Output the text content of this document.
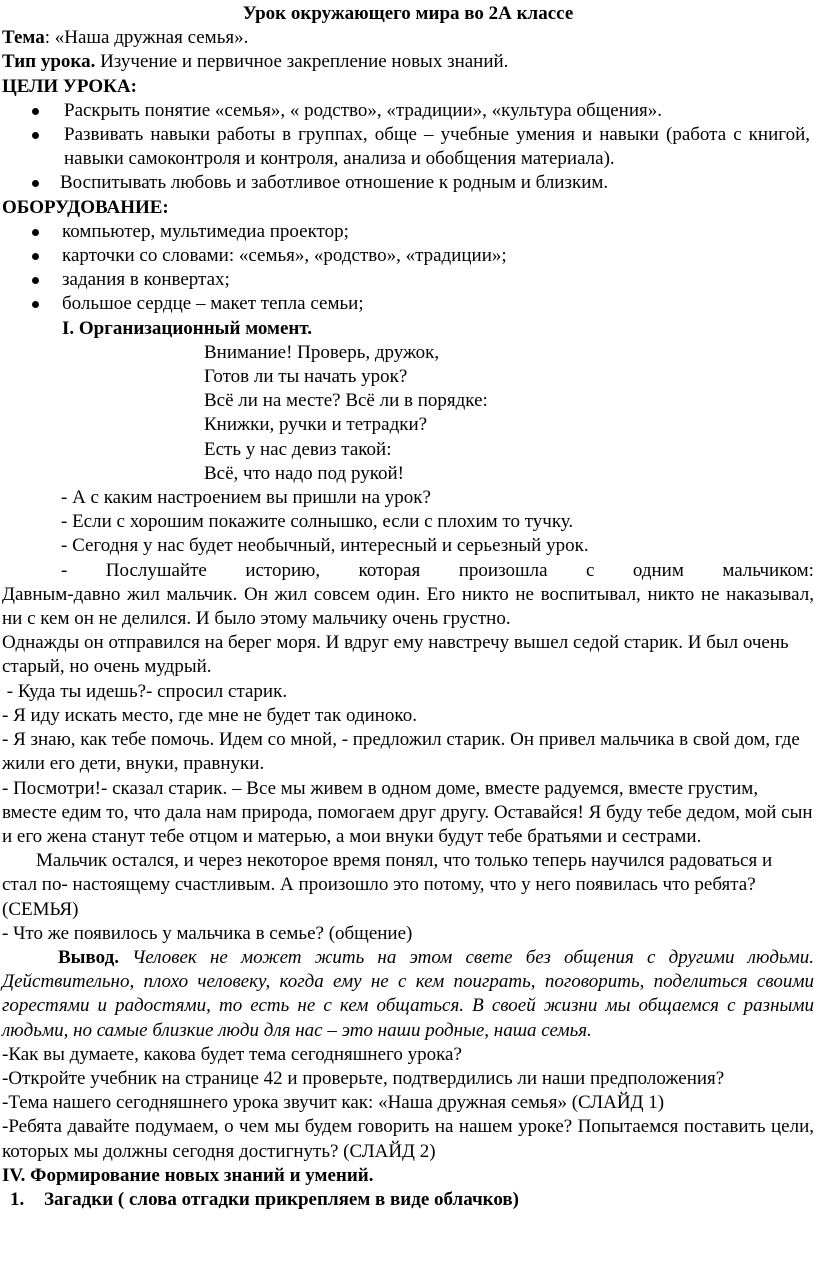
Урок окружающего мира во 2А классе

Тема: «Наша дружная семья».

Тип урока. Изучение и первичное закрепление новых знаний.

ЦЕЛИ УРОКА:

Раскрыть понятие «семья», « родство», «традиции», «культура общения».
Развивать навыки работы в группах, обще – учебные умения и навыки (работа с книгой, навыки самоконтроля и контроля, анализа и обобщения материала).
Воспитывать любовь и заботливое отношение к родным и близким.

ОБОРУДОВАНИЕ:

компьютер, мультимедиа проектор;
карточки со словами: «семья», «родство», «традиции»;
задания в конвертах;
большое сердце – макет тепла семьи;

I. Организационный момент.

Внимание! Проверь, дружок,

Готов ли ты начать урок?

Всё ли на месте? Всё ли в порядке:

Книжки, ручки и тетрадки?

Есть у нас девиз такой:

Всё, что надо под рукой!

- А с каким настроением вы пришли на урок?

- Если с хорошим покажите солнышко, если с плохим то тучку.

- Сегодня у нас будет необычный, интересный и серьезный урок.

- Послушайте историю, которая произошла с одним мальчиком:

Давным-давно жил мальчик. Он жил совсем один. Его никто не воспитывал, никто не наказывал, ни с кем он не делился. И было этому мальчику очень грустно.

Однажды он отправился на берег моря. И вдруг ему навстречу вышел седой старик. И был очень старый, но очень мудрый.

- Куда ты идешь?- спросил старик.

- Я иду искать место, где мне не будет так одиноко.

- Я знаю, как тебе помочь. Идем со мной, - предложил старик. Он привел мальчика в свой дом, где жили его дети, внуки, правнуки.

- Посмотри!- сказал старик. – Все мы живем в одном доме, вместе радуемся, вместе грустим, вместе едим то, что дала нам природа, помогаем друг другу. Оставайся! Я буду тебе дедом, мой сын и его жена станут тебе отцом и матерью, а мои внуки будут тебе братьями и сестрами.

Мальчик остался, и через некоторое время понял, что только теперь научился радоваться и стал по- настоящему счастливым. А произошло это потому, что у него появилась что ребята? (СЕМЬЯ)

- Что же появилось у мальчика в семье? (общение)

Вывод. Человек не может жить на этом свете без общения с другими людьми. Действительно, плохо человеку, когда ему не с кем поиграть, поговорить, поделиться своими горестями и радостями, то есть не с кем общаться. В своей жизни мы общаемся с разными людьми, но самые близкие люди для нас – это наши родные, наша семья.

-Как вы думаете, какова будет тема сегодняшнего урока?

-Откройте учебник на странице 42 и проверьте, подтвердились ли наши предположения?

-Тема нашего сегодняшнего урока звучит как: «Наша дружная семья» (СЛАЙД 1)

-Ребята давайте подумаем, о чем мы будем говорить на нашем уроке? Попытаемся поставить цели, которых мы должны сегодня достигнуть? (СЛАЙД 2)

IV. Формирование новых знаний и умений.

1. Загадки ( слова отгадки прикрепляем в виде облачков)
